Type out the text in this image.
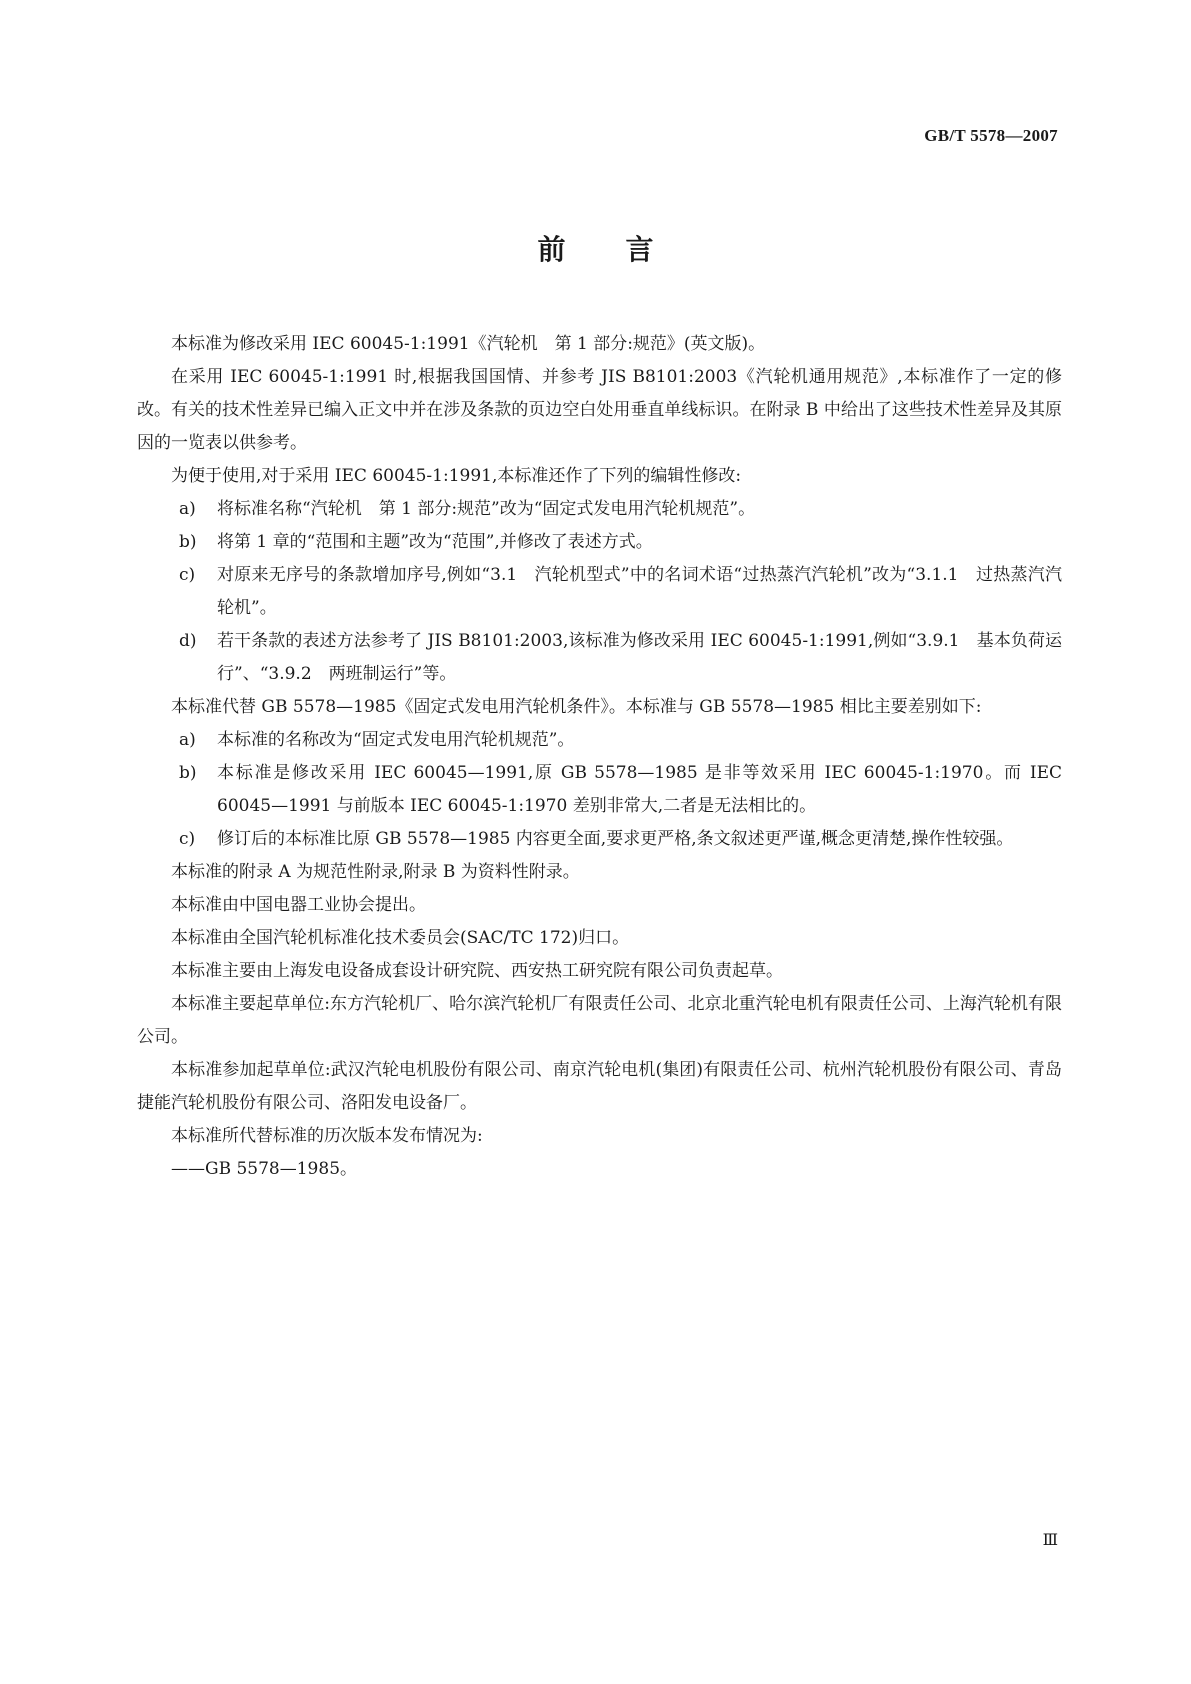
GB/T 5578—2007
前言

本标准为修改采用 IEC 60045-1:1991《汽轮机　第 1 部分:规范》(英文版)。

在采用 IEC 60045-1:1991 时,根据我国国情、并参考 JIS B8101:2003《汽轮机通用规范》,本标准作了一定的修改。有关的技术性差异已编入正文中并在涉及条款的页边空白处用垂直单线标识。在附录 B 中给出了这些技术性差异及其原因的一览表以供参考。

为便于使用,对于采用 IEC 60045-1:1991,本标准还作了下列的编辑性修改:

a) 将标准名称“汽轮机　第 1 部分:规范”改为“固定式发电用汽轮机规范”。

b) 将第 1 章的“范围和主题”改为“范围”,并修改了表述方式。

c) 对原来无序号的条款增加序号,例如“3.1　汽轮机型式”中的名词术语“过热蒸汽汽轮机”改为“3.1.1　过热蒸汽汽轮机”。

d) 若干条款的表述方法参考了 JIS B8101:2003,该标准为修改采用 IEC 60045-1:1991,例如“3.9.1　基本负荷运行”、“3.9.2　两班制运行”等。

本标准代替 GB 5578—1985《固定式发电用汽轮机条件》。本标准与 GB 5578—1985 相比主要差别如下:

a) 本标准的名称改为“固定式发电用汽轮机规范”。

b) 本标准是修改采用 IEC 60045—1991,原 GB 5578—1985 是非等效采用 IEC 60045-1:1970。而 IEC 60045—1991 与前版本 IEC 60045-1:1970 差别非常大,二者是无法相比的。

c) 修订后的本标准比原 GB 5578—1985 内容更全面,要求更严格,条文叙述更严谨,概念更清楚,操作性较强。

本标准的附录 A 为规范性附录,附录 B 为资料性附录。

本标准由中国电器工业协会提出。

本标准由全国汽轮机标准化技术委员会(SAC/TC 172)归口。

本标准主要由上海发电设备成套设计研究院、西安热工研究院有限公司负责起草。

本标准主要起草单位:东方汽轮机厂、哈尔滨汽轮机厂有限责任公司、北京北重汽轮电机有限责任公司、上海汽轮机有限公司。

本标准参加起草单位:武汉汽轮电机股份有限公司、南京汽轮电机(集团)有限责任公司、杭州汽轮机股份有限公司、青岛捷能汽轮机股份有限公司、洛阳发电设备厂。

本标准所代替标准的历次版本发布情况为:

——GB 5578—1985。

Ⅲ
